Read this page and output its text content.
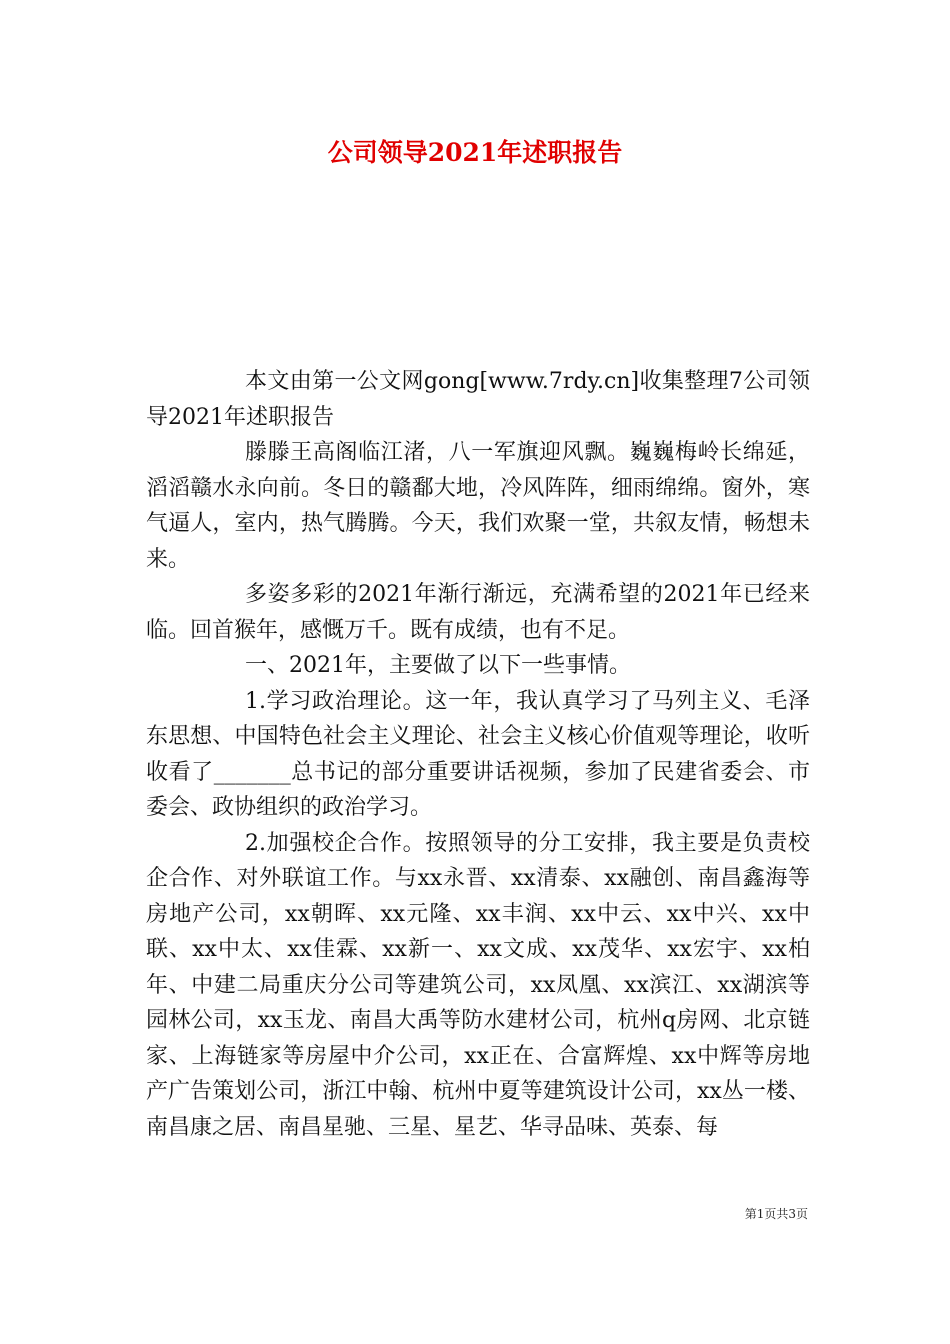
公司领导2021年述职报告

本文由第一公文网gong[www.7rdy.cn]收集整理7公司领导2021年述职报告

滕滕王高阁临江渚，八一军旗迎风飘。巍巍梅岭长绵延，滔滔赣水永向前。冬日的赣鄱大地，冷风阵阵，细雨绵绵。窗外，寒气逼人，室内，热气腾腾。今天，我们欢聚一堂，共叙友情，畅想未来。

多姿多彩的2021年渐行渐远，充满希望的2021年已经来临。回首猴年，感慨万千。既有成绩，也有不足。

一、2021年，主要做了以下一些事情。

1.学习政治理论。这一年，我认真学习了马列主义、毛泽东思想、中国特色社会主义理论、社会主义核心价值观等理论，收听收看了_______总书记的部分重要讲话视频，参加了民建省委会、市委会、政协组织的政治学习。

2.加强校企合作。按照领导的分工安排，我主要是负责校企合作、对外联谊工作。与xx永晋、xx清泰、xx融创、南昌鑫海等房地产公司，xx朝晖、xx元隆、xx丰润、xx中云、xx中兴、xx中联、xx中太、xx佳霖、xx新一、xx文成、xx茂华、xx宏宇、xx柏年、中建二局重庆分公司等建筑公司，xx凤凰、xx滨江、xx湖滨等园林公司，xx玉龙、南昌大禹等防水建材公司，杭州q房网、北京链家、上海链家等房屋中介公司，xx正在、合富辉煌、xx中辉等房地产广告策划公司，浙江中翰、杭州中夏等建筑设计公司，xx丛一楼、南昌康之居、南昌星驰、三星、星艺、华寻品味、英泰、每

第1页共3页
